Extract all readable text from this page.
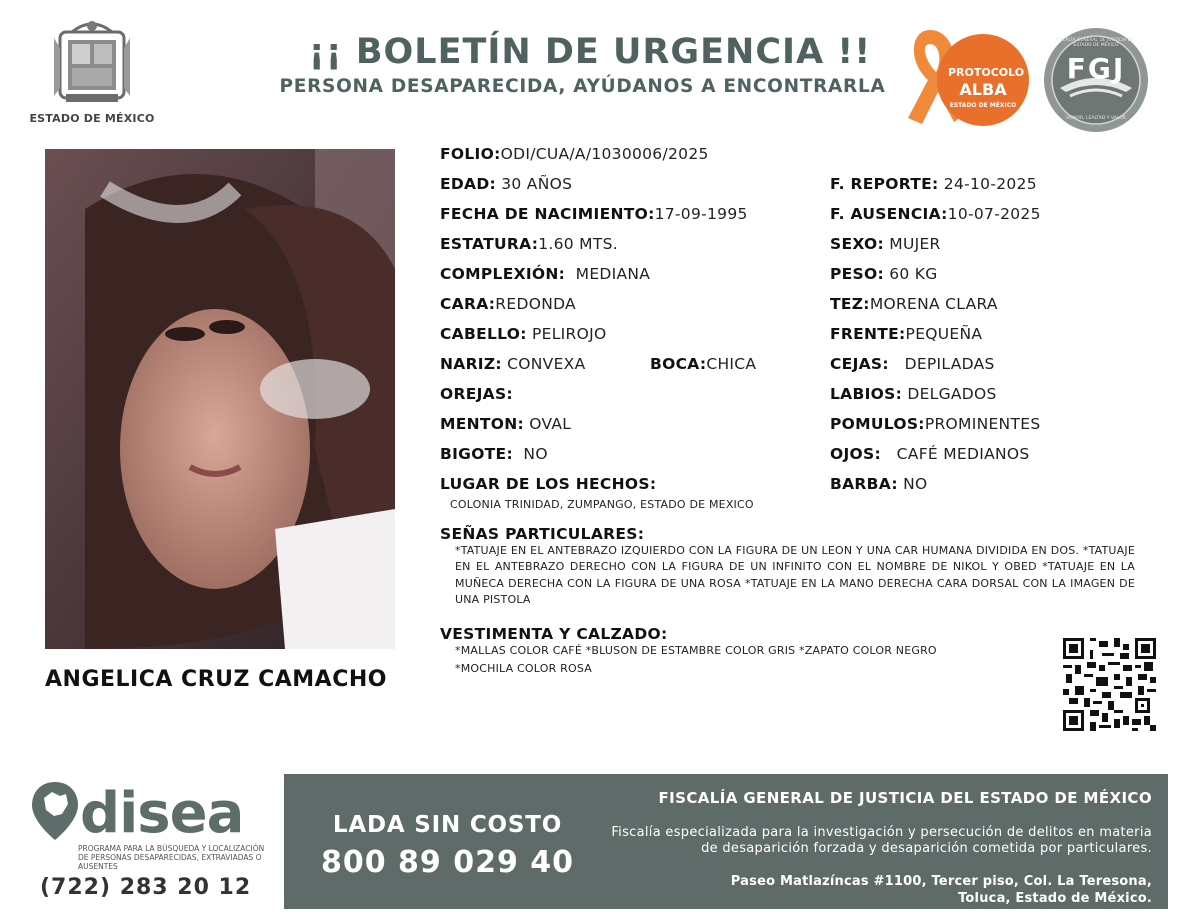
ESTADO DE MÉXICO
¡¡ BOLETÍN DE URGENCIA !!
PERSONA DESAPARECIDA, AYÚDANOS A ENCONTRARLA
PROTOCOLO
ALBA
ESTADO DE MÉXICO
FGJ
FISCALÍA GENERAL DE JUSTICIA DEL ESTADO DE MÉXICO
HONOR, LEALTAD Y VALOR
ANGELICA CRUZ CAMACHO
FOLIO:ODI/CUA/A/1030006/2025
EDAD: 30 AÑOS
FECHA DE NACIMIENTO:17-09-1995
ESTATURA:1.60 MTS.
COMPLEXIÓN: MEDIANA
CARA:REDONDA
CABELLO: PELIROJO
NARIZ: CONVEXA	BOCA:CHICA
OREJAS:
MENTON: OVAL
BIGOTE: NO
LUGAR DE LOS HECHOS:
COLONIA TRINIDAD, ZUMPANGO, ESTADO DE MEXICO
F. REPORTE: 24-10-2025
F. AUSENCIA:10-07-2025
SEXO: MUJER
PESO: 60 KG
TEZ:MORENA CLARA
FRENTE:PEQUEÑA
CEJAS: DEPILADAS
LABIOS: DELGADOS
POMULOS:PROMINENTES
OJOS: CAFÉ MEDIANOS
BARBA: NO
SEÑAS PARTICULARES:
*TATUAJE EN EL ANTEBRAZO IZQUIERDO CON LA FIGURA DE UN LEON Y UNA CAR HUMANA DIVIDIDA EN DOS. *TATUAJE EN EL ANTEBRAZO DERECHO CON LA FIGURA DE UN INFINITO CON EL NOMBRE DE NIKOL Y OBED *TATUAJE EN LA MUÑECA DERECHA CON LA FIGURA DE UNA ROSA *TATUAJE EN LA MANO DERECHA CARA DORSAL CON LA IMAGEN DE UNA PISTOLA
VESTIMENTA Y CALZADO:
*MALLAS COLOR CAFÉ *BLUSON DE ESTAMBRE COLOR GRIS *ZAPATO COLOR NEGRO
*MOCHILA COLOR ROSA
disea
PROGRAMA PARA LA BÚSQUEDA Y LOCALIZACIÓN DE PERSONAS DESAPARECIDAS, EXTRAVIADAS O AUSENTES
(722) 283 20 12
LADA SIN COSTO
800 89 029 40
FISCALÍA GENERAL DE JUSTICIA DEL ESTADO DE MÉXICO
Fiscalía especializada para la investigación y persecución de delitos en materia de desaparición forzada y desaparición cometida por particulares.
Paseo Matlazíncas #1100, Tercer piso, Col. La Teresona,
Toluca, Estado de México.
